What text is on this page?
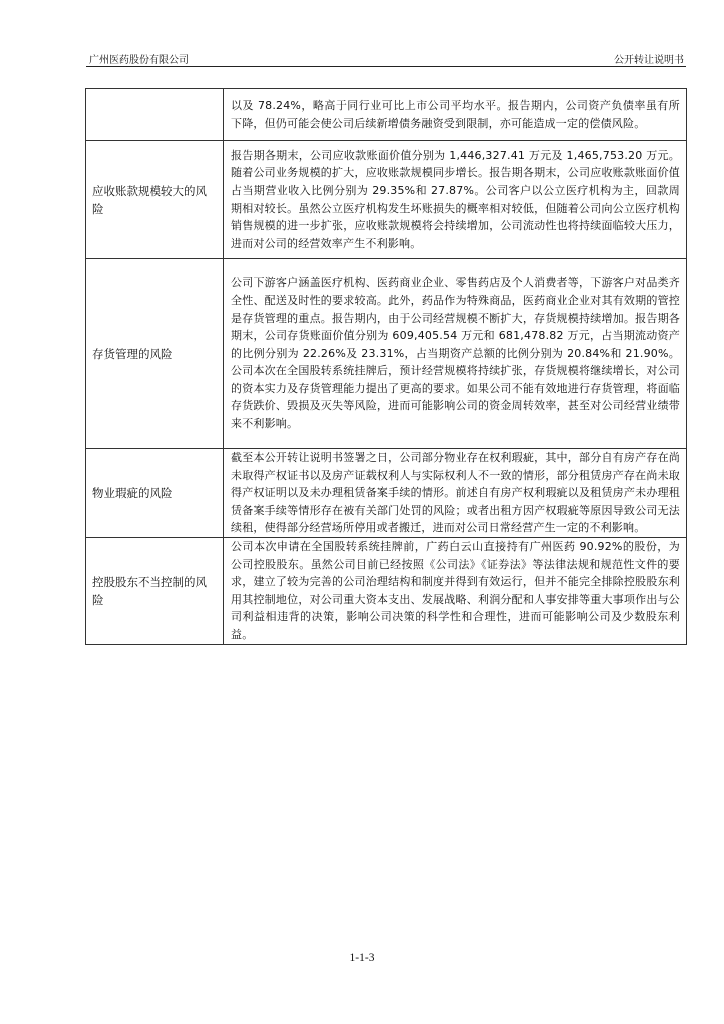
广州医药股份有限公司	公开转让说明书
	以及 78.24%，略高于同行业可比上市公司平均水平。报告期内，公司资产负债率虽有所下降，但仍可能会使公司后续新增债务融资受到限制，亦可能造成一定的偿债风险。
应收账款规模较大的风险	报告期各期末，公司应收款账面价值分别为 1,446,327.41 万元及 1,465,753.20 万元。随着公司业务规模的扩大，应收账款规模同步增长。报告期各期末，公司应收账款账面价值占当期营业收入比例分别为 29.35%和 27.87%。公司客户以公立医疗机构为主，回款周期相对较长。虽然公立医疗机构发生坏账损失的概率相对较低，但随着公司向公立医疗机构销售规模的进一步扩张，应收账款规模将会持续增加，公司流动性也将持续面临较大压力，进而对公司的经营效率产生不利影响。
存货管理的风险	公司下游客户涵盖医疗机构、医药商业企业、零售药店及个人消费者等，下游客户对品类齐全性、配送及时性的要求较高。此外，药品作为特殊商品，医药商业企业对其有效期的管控是存货管理的重点。报告期内，由于公司经营规模不断扩大，存货规模持续增加。报告期各期末，公司存货账面价值分别为 609,405.54 万元和 681,478.82 万元，占当期流动资产的比例分别为 22.26%及 23.31%，占当期资产总额的比例分别为 20.84%和 21.90%。公司本次在全国股转系统挂牌后，预计经营规模将持续扩张，存货规模将继续增长，对公司的资本实力及存货管理能力提出了更高的要求。如果公司不能有效地进行存货管理，将面临存货跌价、毁损及灭失等风险，进而可能影响公司的资金周转效率，甚至对公司经营业绩带来不利影响。
物业瑕疵的风险	截至本公开转让说明书签署之日，公司部分物业存在权利瑕疵，其中，部分自有房产存在尚未取得产权证书以及房产证载权利人与实际权利人不一致的情形，部分租赁房产存在尚未取得产权证明以及未办理租赁备案手续的情形。前述自有房产权利瑕疵以及租赁房产未办理租赁备案手续等情形存在被有关部门处罚的风险；或者出租方因产权瑕疵等原因导致公司无法续租，使得部分经营场所停用或者搬迁，进而对公司日常经营产生一定的不利影响。
控股股东不当控制的风险	公司本次申请在全国股转系统挂牌前，广药白云山直接持有广州医药 90.92%的股份，为公司控股股东。虽然公司目前已经按照《公司法》《证券法》等法律法规和规范性文件的要求，建立了较为完善的公司治理结构和制度并得到有效运行，但并不能完全排除控股股东利用其控制地位，对公司重大资本支出、发展战略、利润分配和人事安排等重大事项作出与公司利益相违背的决策，影响公司决策的科学性和合理性，进而可能影响公司及少数股东利益。
1-1-3
